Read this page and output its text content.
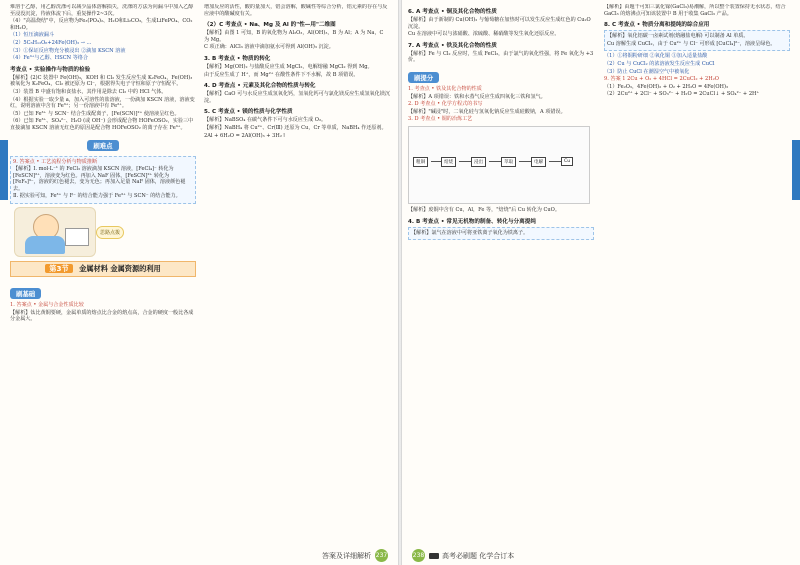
难溶于乙醇，用乙醇洗涤可以减少晶体溶解损失，洗涤的方法为向漏斗中加入乙醇至浸没沉淀，待液体流下后，重复操作2~3次。

（4）"高温烧结"中，反应物为Fe₃(PO₄)₂、H₂O和Li₂CO₃，生成LiFePO₄、CO₂和H₂O。

（1）恒压滴液漏斗

（2）5C₆H₁₂O₆+24Fe(OH)₃ → ...

（3）①保证反应物充分被浸出 ②滴加 KSCN 溶液

（4）Fe³⁺与乙醇、HSCN 等络合

考查点 • 实验操作与物质的检验

【解析】(2)C 装置中 Fe(OH)₃，KOH 和 Cl₂ 发生反应生成 K₂FeO₄，Fe(OH)₃ 被氧化为 K₂FeO₄，Cl₂ 被还原为 Cl⁻，根据得失电子守恒和原子守恒配平。

（3）装置 B 中盛有饱和食盐水，其作用是除去 Cl₂ 中的 HCl 气体。

（4）根据实验一取少量 a，加入可溶性的盐溶液，一份滴加 KSCN 溶液，溶液变红，说明溶液中含有 Fe³⁺；另一份溶液中有 Fe²⁺。

（5）已知 Fe³⁺ 与 SCN⁻ 结合生成配离子，[Fe(SCN)]²⁺ 使溶液呈红色。

（6）已知 Fe³⁺、SO₄²⁻、H₂O (或 OH⁻) 会形成配合物 HOFeOSO₂，实验三中直接滴加 KSCN 溶液无红色的原因是配合物 HOFeOSO₂ 的离子存在 Fe³⁺。

刷难点

9. 答案点 • 工艺流程分析与物质推断

【解析】I. mol·L⁻¹ 的 FeCl₃ 溶液滴加 KSCN 溶液，[FeCl₄]⁻ 转化为 [FeSCN]²⁺，溶液变为红色。再加入 NaF 固体，[FeSCN]²⁺ 转化为 [FeF₆]³⁻，溶液的红色褪去，变为无色；再加入足量 NaF 固体，溶液颜色褪去。

Ⅱ. 据实验可知，Fe³⁺ 与 F⁻ 的结合能力强于 Fe³⁺ 与 SCN⁻ 的结合能力。

思路点拨
第3节 金属材料 金属资源的利用
刷基础

1. 答案点 • 金属与合金性质比较

【解析】钛比黄铜要硬，金属单质的熔点比合金的熔点高，合金的硬度一般比各成分金属大。

增加反应的活性，酸的量加大，铝会溶解，酸碱性等综合分析，铝元素的存在与反应液中的酸碱度有关。

（2）C 考查点 • Na、Mg 及 Al 的"性—用"二维图

【解析】由图 1 可知，B 的氧化物为 Al₂O₃，Al(OH)₃，B 为 Al；A 为 Na，C 为 Mg。

C 项正确：AlCl₃ 溶液中滴加氨水可得到 Al(OH)₃ 沉淀。

3. B 考查点 • 物质的转化

【解析】Mg(OH)₂ 与盐酸反应生成 MgCl₂，电解熔融 MgCl₂ 得到 Mg。

由于反应生成了 H⁺，而 Mg²⁺ 在酸性条件下不水解，故 B 项错误。

4. D 考查点 • 元素及其化合物的性质与转化

【解析】CaO 可与水反应生成氢氧化钙，氢氧化钙可与氯化镁反应生成氢氧化镁沉淀。

5. C 考查点 • 镁的性质与化学性质

【解析】NaBSO₄ 在碳气条件下可与水反应生成 O₂。

【解析】NaBH₄ 将 Cu²⁺、Cr(Ⅲ) 还原为 Cu，Cr 等单质，NaBH₄ 作还原剂。

2Al + 6H₂O = 2Al(OH)₃ + 3H₂↑

答案及详细解析 237
6. A 考查点 • 铜及其化合物的性质

【解析】由于新制的 Cu(OH)₂ 与葡萄糖在加热时可以发生反应生成红色的 Cu₂O 沉淀。

Cu 在溶液中可以与浓硝酸、浓硫酸、稀硝酸等发生氧化还原反应。

7. A 考查点 • 铁及其化合物的性质

【解析】Fe 与 Cl₂ 反应时，生成 FeCl₃，由于氯气的氧化性强，将 Fe 氧化为 +3 价。

刷提分

1. 考查点 • 铁及其化合物的性质

【解析】A 项错误：铁和水蒸气反应生成四氧化三铁和氢气。

2. D 考查点 • 化学方程式的书写

【解析】"碱浸"时，二氧化硅与氢氧化钠反应生成硅酸钠，A 项错误。

3. D 考查点 • 铜的冶炼工艺

粗铜	焙烧	浸出	萃取	电解	Cu

【解析】废铜中含有 Cu，Al，Fe 等，"焙烧"后 Cu 转化为 CuO。

4. B 考查点 • 常见无机物的制备、转化与分离提纯

【解析】氯气在溶液中可将亚铁离子氧化为铁离子。

【解析】由题干可知三氯化镓(GaCl₃)易潮解，所以整个装置保持无水状态，结合 GaCl₃ 的熔沸点可知该装置中 B 用于收集 GaCl₃ 产品。

8. C 考查点 • 物质分离和提纯的综合应用

【解析】氧化铝碳一卤素试剂(熔融盐电解) 可以制备 Al 单质。

Cu 溶解生成 CuCl₂，由于 Cu²⁺ 与 Cl⁻ 可形成 [CuCl₄]²⁻，溶液呈绿色。

（1）①将铜粉研细 ②氧化铜 ③加入适量盐酸

（2）Cu 与 CuCl₂ 的浓溶液发生反应生成 CuCl

（3）防止 CuCl 在潮湿空气中被氧化

9. 答案 1 2Cu + O₂ + 4HCl = 2CuCl₂ + 2H₂O

（1）Fe₂O₃，4Fe(OH)₂ + O₂ + 2H₂O = 4Fe(OH)₃

（2）2Cu²⁺ + 2Cl⁻ + SO₃²⁻ + H₂O = 2CuCl↓ + SO₄²⁻ + 2H⁺

238	高考必刷题 化学合订本
